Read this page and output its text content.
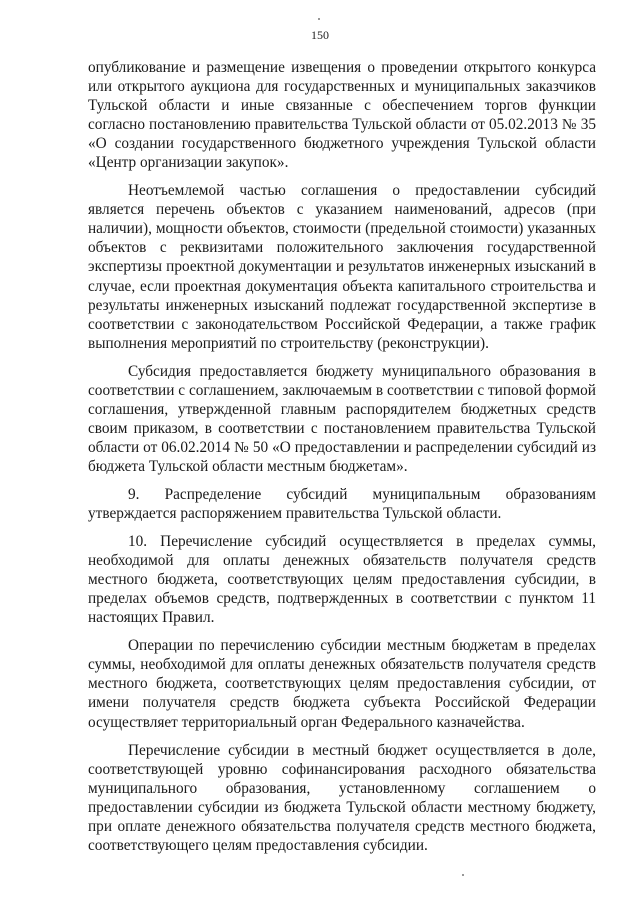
150

опубликование и размещение извещения о проведении открытого конкурса или открытого аукциона для государственных и муниципальных заказчиков Тульской области и иные связанные с обеспечением торгов функции согласно постановлению правительства Тульской области от 05.02.2013 № 35 «О создании государственного бюджетного учреждения Тульской области «Центр организации закупок».

Неотъемлемой частью соглашения о предоставлении субсидий является перечень объектов с указанием наименований, адресов (при наличии), мощности объектов, стоимости (предельной стоимости) указанных объектов с реквизитами положительного заключения государственной экспертизы проектной документации и результатов инженерных изысканий в случае, если проектная документация объекта капитального строительства и результаты инженерных изысканий подлежат государственной экспертизе в соответствии с законодательством Российской Федерации, а также график выполнения мероприятий по строительству (реконструкции).

Субсидия предоставляется бюджету муниципального образования в соответствии с соглашением, заключаемым в соответствии с типовой формой соглашения, утвержденной главным распорядителем бюджетных средств своим приказом, в соответствии с постановлением правительства Тульской области от 06.02.2014 № 50 «О предоставлении и распределении субсидий из бюджета Тульской области местным бюджетам».

9. Распределение субсидий муниципальным образованиям утверждается распоряжением правительства Тульской области.

10. Перечисление субсидий осуществляется в пределах суммы, необходимой для оплаты денежных обязательств получателя средств местного бюджета, соответствующих целям предоставления субсидии, в пределах объемов средств, подтвержденных в соответствии с пунктом 11 настоящих Правил.

Операции по перечислению субсидии местным бюджетам в пределах суммы, необходимой для оплаты денежных обязательств получателя средств местного бюджета, соответствующих целям предоставления субсидии, от имени получателя средств бюджета субъекта Российской Федерации осуществляет территориальный орган Федерального казначейства.

Перечисление субсидии в местный бюджет осуществляется в доле, соответствующей уровню софинансирования расходного обязательства муниципального образования, установленному соглашением о предоставлении субсидии из бюджета Тульской области местному бюджету, при оплате денежного обязательства получателя средств местного бюджета, соответствующего целям предоставления субсидии.
